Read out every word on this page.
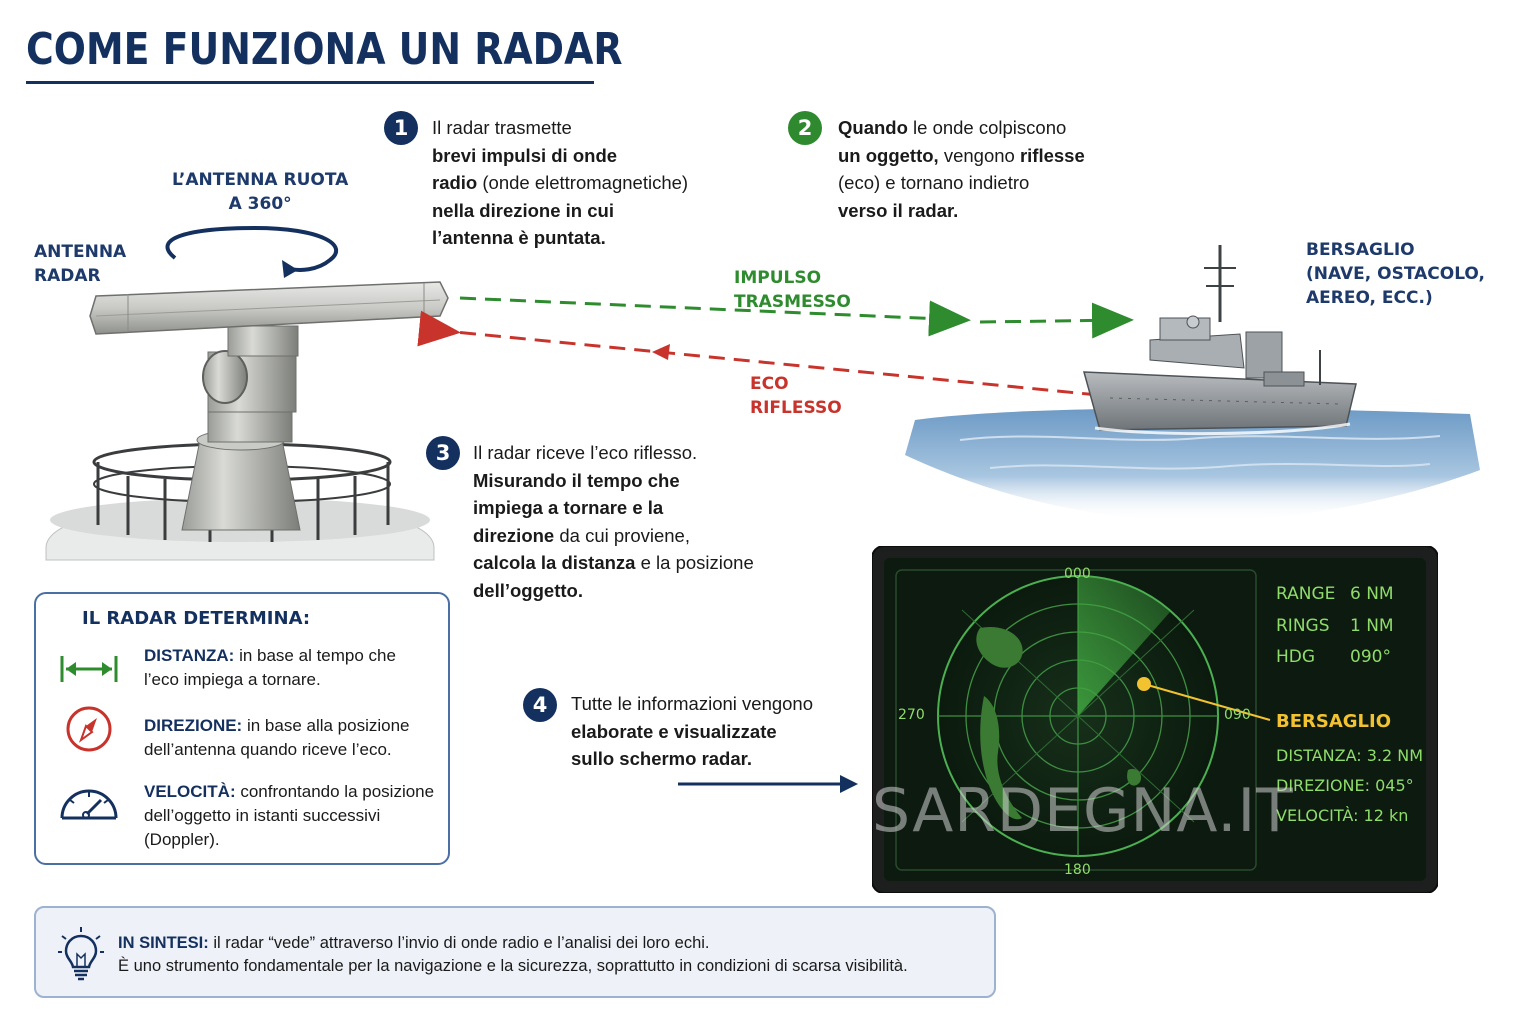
COME FUNZIONA UN RADAR
L’ANTENNA RUOTA
A 360°
ANTENNA
RADAR	IMPULSO
TRASMESSO
ECO
RIFLESSO
BERSAGLIO
(NAVE, OSTACOLO,
AEREO, ECC.)
1	2
3
4
Il radar trasmette
brevi impulsi di onde
radio (onde elettromagnetiche)
nella direzione in cui
l’antenna è puntata.
Quando le onde colpiscono
un oggetto, vengono riflesse
(eco) e tornano indietro
verso il radar.
Il radar riceve l’eco riflesso.
Misurando il tempo che
impiega a tornare e la
direzione da cui proviene,
calcola la distanza e la posizione
dell’oggetto.
Tutte le informazioni vengono
elaborate e visualizzate
sullo schermo radar.
IL RADAR DETERMINA:
DISTANZA: in base al tempo che
l’eco impiega a tornare.
DIREZIONE: in base alla posizione
dell’antenna quando riceve l’eco.
VELOCITÀ: confrontando la posizione
dell’oggetto in istanti successivi
(Doppler).
000
090
180
270
RANGE 6 NM
RINGS 1 NM
HDG 090°
BERSAGLIO
DISTANZA: 3.2 NM
DIREZIONE: 045°
VELOCITÀ: 12 kn
SARDEGNA.IT
IN SINTESI: il radar “vede” attraverso l’invio di onde radio e l’analisi dei loro echi.
È uno strumento fondamentale per la navigazione e la sicurezza, soprattutto in condizioni di scarsa visibilità.
